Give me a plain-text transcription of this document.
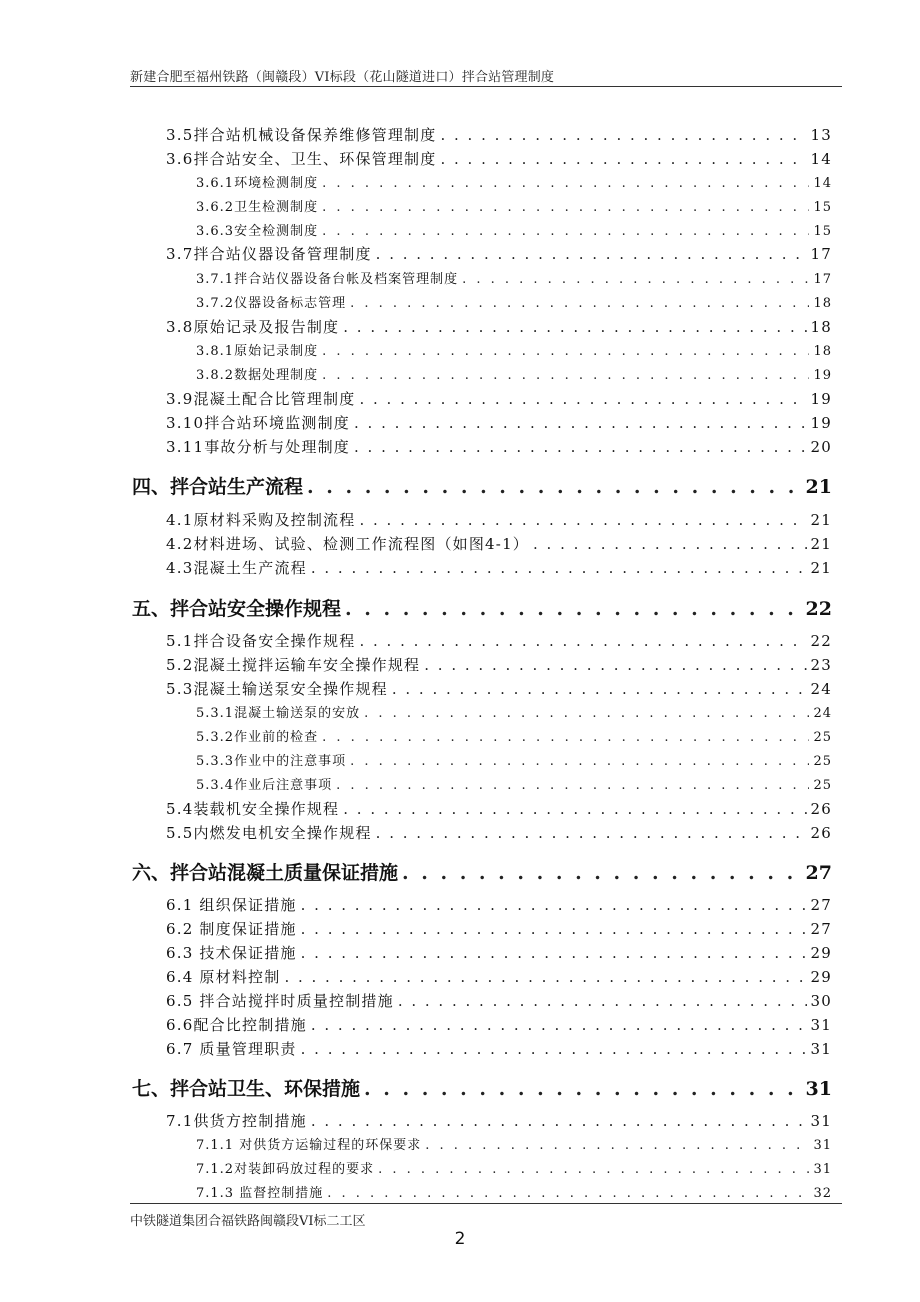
新建合肥至福州铁路（闽赣段）VI标段（花山隧道进口）拌合站管理制度
3.5拌合站机械设备保养维修管理制度 . . .	13
3.6拌合站安全、卫生、环保管理制度 . . .	14
3.6.1环境检测制度 . . .	14
3.6.2卫生检测制度 . . .	15
3.6.3安全检测制度 . . .	15
3.7拌合站仪器设备管理制度 . . .	17
3.7.1拌合站仪器设备台帐及档案管理制度 . . .	17
3.7.2仪器设备标志管理 . . .	18
3.8原始记录及报告制度 . . .	18
3.8.1原始记录制度 . . .	18
3.8.2数据处理制度 . . .	19
3.9混凝土配合比管理制度 . . .	19
3.10拌合站环境监测制度 . . .	19
3.11事故分析与处理制度 . . .	20
四、拌合站生产流程 . . .	21
4.1原材料采购及控制流程 . . .	21
4.2材料进场、试验、检测工作流程图（如图4-1） . . .	21
4.3混凝土生产流程 . . .	21
五、拌合站安全操作规程 . . .	22
5.1拌合设备安全操作规程 . . .	22
5.2混凝土搅拌运输车安全操作规程 . . .	23
5.3混凝土输送泵安全操作规程 . . .	24
5.3.1混凝土输送泵的安放 . . .	24
5.3.2作业前的检查 . . .	25
5.3.3作业中的注意事项 . . .	25
5.3.4作业后注意事项 . . .	25
5.4装载机安全操作规程 . . .	26
5.5内燃发电机安全操作规程 . . .	26
六、拌合站混凝土质量保证措施 . . .	27
6.1 组织保证措施 . . .	27
6.2 制度保证措施 . . .	27
6.3 技术保证措施 . . .	29
6.4 原材料控制 . . .	29
6.5 拌合站搅拌时质量控制措施 . . .	30
6.6配合比控制措施 . . .	31
6.7 质量管理职责 . . .	31
七、拌合站卫生、环保措施 . . .	31
7.1供货方控制措施 . . .	31
7.1.1 对供货方运输过程的环保要求 . . .	31
7.1.2对装卸码放过程的要求 . . .	31
7.1.3 监督控制措施 . . .	32
中铁隧道集团合福铁路闽赣段VI标二工区
2
